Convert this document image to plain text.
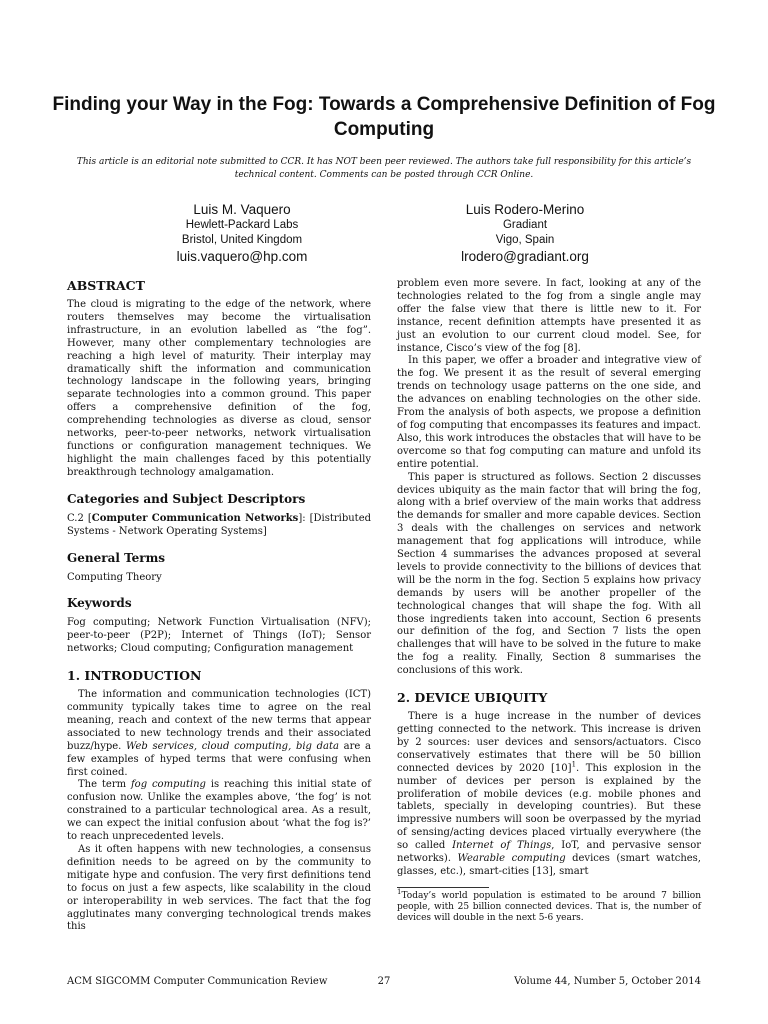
Finding your Way in the Fog: Towards a Comprehensive Definition of Fog Computing

This article is an editorial note submitted to CCR. It has NOT been peer reviewed. The authors take full responsibility for this article’s technical content. Comments can be posted through CCR Online.

Luis M. Vaquero
Hewlett-Packard Labs
Bristol, United Kingdom
luis.vaquero@hp.com
Luis Rodero-Merino
Gradiant
Vigo, Spain
lrodero@gradiant.org
ABSTRACT

The cloud is migrating to the edge of the network, where routers themselves may become the virtualisation infrastructure, in an evolution labelled as “the fog”. However, many other complementary technologies are reaching a high level of maturity. Their interplay may dramatically shift the information and communication technology landscape in the following years, bringing separate technologies into a common ground. This paper offers a comprehensive definition of the fog, comprehending technologies as diverse as cloud, sensor networks, peer-to-peer networks, network virtualisation functions or configuration management techniques. We highlight the main challenges faced by this potentially breakthrough technology amalgamation.

Categories and Subject Descriptors

C.2 [Computer Communication Networks]: [Distributed Systems - Network Operating Systems]

General Terms

Computing Theory

Keywords

Fog computing; Network Function Virtualisation (NFV); peer-to-peer (P2P); Internet of Things (IoT); Sensor networks; Cloud computing; Configuration management

1. INTRODUCTION

The information and communication technologies (ICT) community typically takes time to agree on the real meaning, reach and context of the new terms that appear associated to new technology trends and their associated buzz/hype. Web services, cloud computing, big data are a few examples of hyped terms that were confusing when first coined.

The term fog computing is reaching this initial state of confusion now. Unlike the examples above, ‘the fog’ is not constrained to a particular technological area. As a result, we can expect the initial confusion about ‘what the fog is?’ to reach unprecedented levels.

As it often happens with new technologies, a consensus definition needs to be agreed on by the community to mitigate hype and confusion. The very first definitions tend to focus on just a few aspects, like scalability in the cloud or interoperability in web services. The fact that the fog agglutinates many converging technological trends makes this

problem even more severe. In fact, looking at any of the technologies related to the fog from a single angle may offer the false view that there is little new to it. For instance, recent definition attempts have presented it as just an evolution to our current cloud model. See, for instance, Cisco’s view of the fog [8].

In this paper, we offer a broader and integrative view of the fog. We present it as the result of several emerging trends on technology usage patterns on the one side, and the advances on enabling technologies on the other side. From the analysis of both aspects, we propose a definition of fog computing that encompasses its features and impact. Also, this work introduces the obstacles that will have to be overcome so that fog computing can mature and unfold its entire potential.

This paper is structured as follows. Section 2 discusses devices ubiquity as the main factor that will bring the fog, along with a brief overview of the main works that address the demands for smaller and more capable devices. Section 3 deals with the challenges on services and network management that fog applications will introduce, while Section 4 summarises the advances proposed at several levels to provide connectivity to the billions of devices that will be the norm in the fog. Section 5 explains how privacy demands by users will be another propeller of the technological changes that will shape the fog. With all those ingredients taken into account, Section 6 presents our definition of the fog, and Section 7 lists the open challenges that will have to be solved in the future to make the fog a reality. Finally, Section 8 summarises the conclusions of this work.

2. DEVICE UBIQUITY

There is a huge increase in the number of devices getting connected to the network. This increase is driven by 2 sources: user devices and sensors/actuators. Cisco conservatively estimates that there will be 50 billion connected devices by 2020 $[10]^1$. This explosion in the number of devices per person is explained by the proliferation of mobile devices (e.g. mobile phones and tablets, specially in developing countries). But these impressive numbers will soon be overpassed by the myriad of sensing/acting devices placed virtually everywhere (the so called Internet of Things, IoT, and pervasive sensor networks). Wearable computing devices (smart watches, glasses, etc.), smart-cities [13], smart

$^1$Today’s world population is estimated to be around 7 billion people, with 25 billion connected devices. That is, the number of devices will double in the next 5-6 years.

ACM SIGCOMM Computer Communication Review	27	Volume 44, Number 5, October 2014
